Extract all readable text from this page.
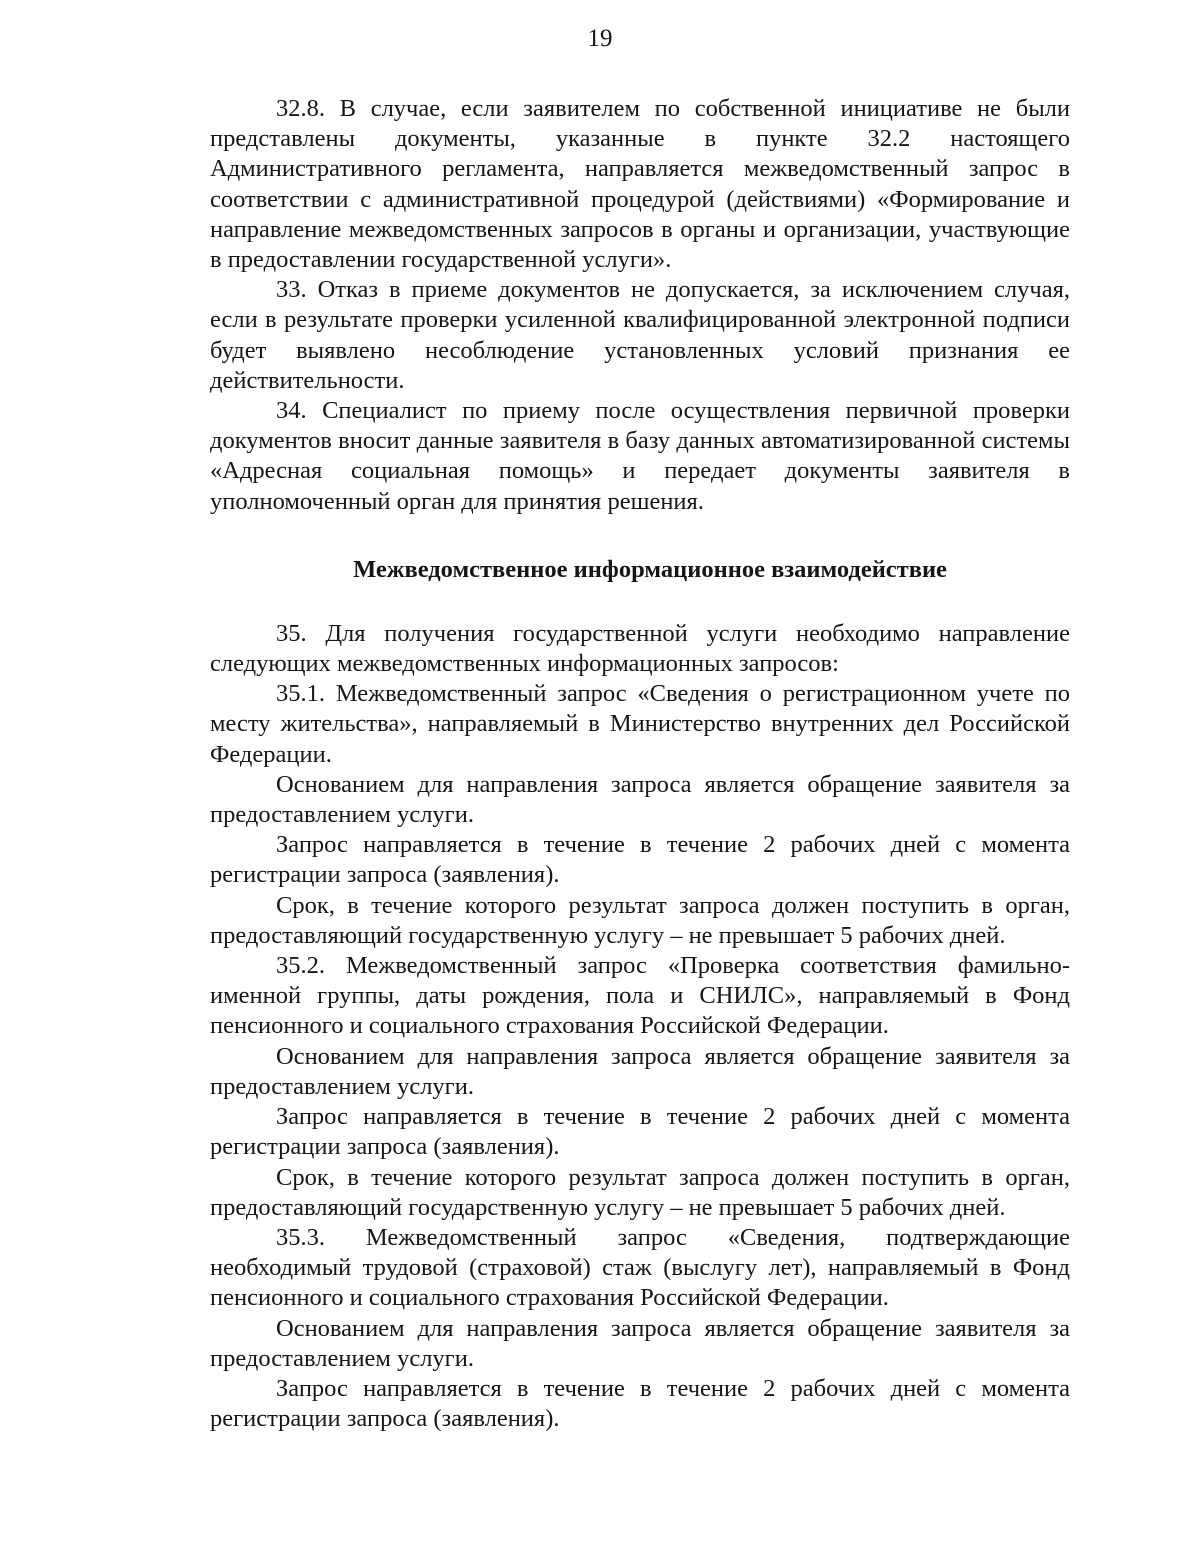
19

32.8. В случае, если заявителем по собственной инициативе не были представлены документы, указанные в пункте 32.2 настоящего Административного регламента, направляется межведомственный запрос в соответствии с административной процедурой (действиями) «Формирование и направление межведомственных запросов в органы и организации, участвующие в предоставлении государственной услуги».

33. Отказ в приеме документов не допускается, за исключением случая, если в результате проверки усиленной квалифицированной электронной подписи будет выявлено несоблюдение установленных условий признания ее действительности.

34. Специалист по приему после осуществления первичной проверки документов вносит данные заявителя в базу данных автоматизированной системы «Адресная социальная помощь» и передает документы заявителя в уполномоченный орган для принятия решения.

Межведомственное информационное взаимодействие

35. Для получения государственной услуги необходимо направление следующих межведомственных информационных запросов:

35.1. Межведомственный запрос «Сведения о регистрационном учете по месту жительства», направляемый в Министерство внутренних дел Российской Федерации.

Основанием для направления запроса является обращение заявителя за предоставлением услуги.

Запрос направляется в течение в течение 2 рабочих дней с момента регистрации запроса (заявления).

Срок, в течение которого результат запроса должен поступить в орган, предоставляющий государственную услугу – не превышает 5 рабочих дней.

35.2. Межведомственный запрос «Проверка соответствия фамильно-именной группы, даты рождения, пола и СНИЛС», направляемый в Фонд пенсионного и социального страхования Российской Федерации.

Основанием для направления запроса является обращение заявителя за предоставлением услуги.

Запрос направляется в течение в течение 2 рабочих дней с момента регистрации запроса (заявления).

Срок, в течение которого результат запроса должен поступить в орган, предоставляющий государственную услугу – не превышает 5 рабочих дней.

35.3. Межведомственный запрос «Сведения, подтверждающие необходимый трудовой (страховой) стаж (выслугу лет), направляемый в Фонд пенсионного и социального страхования Российской Федерации.

Основанием для направления запроса является обращение заявителя за предоставлением услуги.

Запрос направляется в течение в течение 2 рабочих дней с момента регистрации запроса (заявления).
